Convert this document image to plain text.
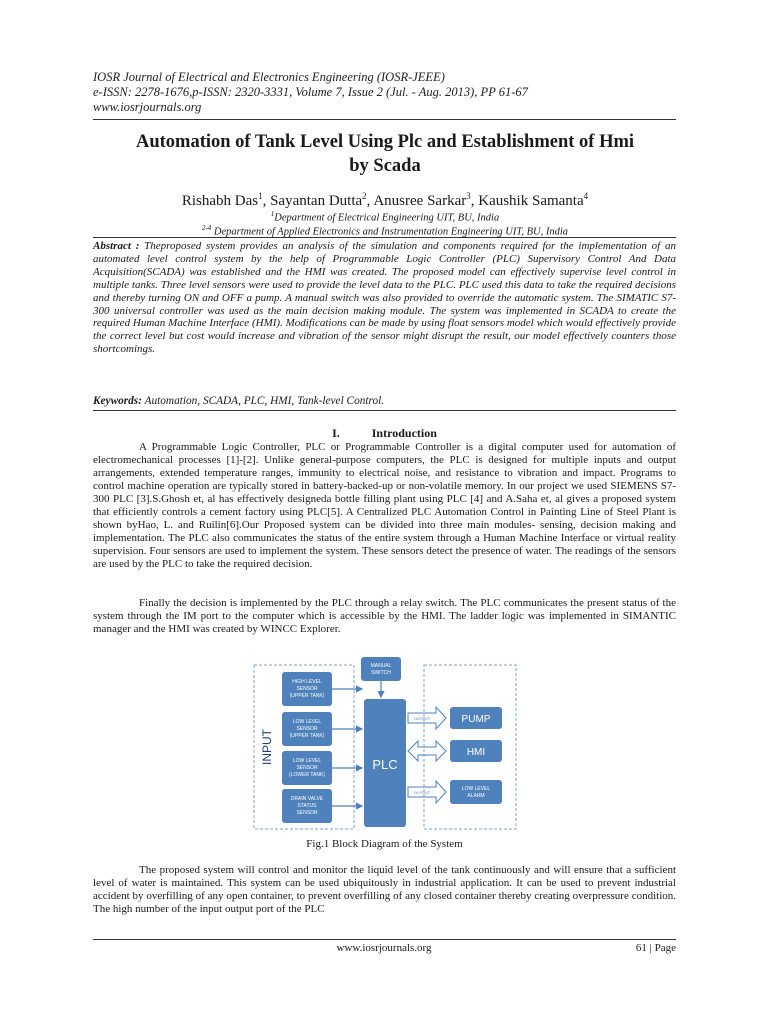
IOSR Journal of Electrical and Electronics Engineering (IOSR-JEEE)
e-ISSN: 2278-1676,p-ISSN: 2320-3331, Volume 7, Issue 2 (Jul. - Aug. 2013), PP 61-67
www.iosrjournals.org
Automation of Tank Level Using Plc and Establishment of Hmi
by Scada
Rishabh Das$^1$, Sayantan Dutta$^2$, Anusree Sarkar$^3$, Kaushik Samanta$^4$
$^1$Department of Electrical Engineering UIT, BU, India
$^{2-4}$ Department of Applied Electronics and Instrumentation Engineering UIT, BU, India
Abstract : Theproposed system provides an analysis of the simulation and components required for the implementation of an automated level control system by the help of Programmable Logic Controller (PLC) Supervisory Control And Data Acquisition(SCADA) was established and the HMI was created. The proposed model can effectively supervise level control in multiple tanks. Three level sensors were used to provide the level data to the PLC. PLC used this data to take the required decisions and thereby turning ON and OFF a pump. A manual switch was also provided to override the automatic system. The SIMATIC S7-300 universal controller was used as the main decision making module. The system was implemented in SCADA to create the required Human Machine Interface (HMI). Modifications can be made by using float sensors model which would effectively provide the correct level but cost would increase and vibration of the sensor might disrupt the result, our model effectively counters those shortcomings.
Keywords: Automation, SCADA, PLC, HMI, Tank-level Control.
I.	Introduction
A Programmable Logic Controller, PLC or Programmable Controller is a digital computer used for automation of electromechanical processes [1]-[2]. Unlike general-purpose computers, the PLC is designed for multiple inputs and output arrangements, extended temperature ranges, immunity to electrical noise, and resistance to vibration and impact. Programs to control machine operation are typically stored in battery-backed-up or non-volatile memory. In our project we used SIEMENS S7- 300 PLC [3].S.Ghosh et, al has effectively designeda bottle filling plant using PLC [4] and A.Saha et, al gives a proposed system that efficiently controls a cement factory using PLC[5]. A Centralized PLC Automation Control in Painting Line of Steel Plant is shown byHao, L. and Ruilin[6].Our Proposed system can be divided into three main modules- sensing, decision making and implementation. The PLC also communicates the status of the entire system through a Human Machine Interface or virtual reality supervision. Four sensors are used to implement the system. These sensors detect the presence of water. The readings of the sensors are used by the PLC to take the required decision.
Finally the decision is implemented by the PLC through a relay switch. The PLC communicates the present status of the system through the IM port to the computer which is accessible by the HMI. The ladder logic was implemented in SIMANTIC manager and the HMI was created by WINCC Explorer.
INPUT
HIGH LEVEL
SENSOR
(UPPER TANK)
LOW LEVEL
SENSOR
(UPPER TANK)
LOW LEVEL
SENSOR
(LOWER TANK)
DRAIN VALVE
STATUS
SENSOR
MANUAL
SWITCH
PLC
OUTPUT
OUTPUT
PUMP
HMI
LOW LEVEL
ALARM
Fig.1 Block Diagram of the System
The proposed system will control and monitor the liquid level of the tank continuously and will ensure that a sufficient level of water is maintained. This system can be used ubiquitously in industrial application. It can be used to prevent industrial accident by overfilling of any open container, to prevent overfilling of any closed container thereby creating overpressure condition. The high number of the input output port of the PLC
www.iosrjournals.org	61 | Page
